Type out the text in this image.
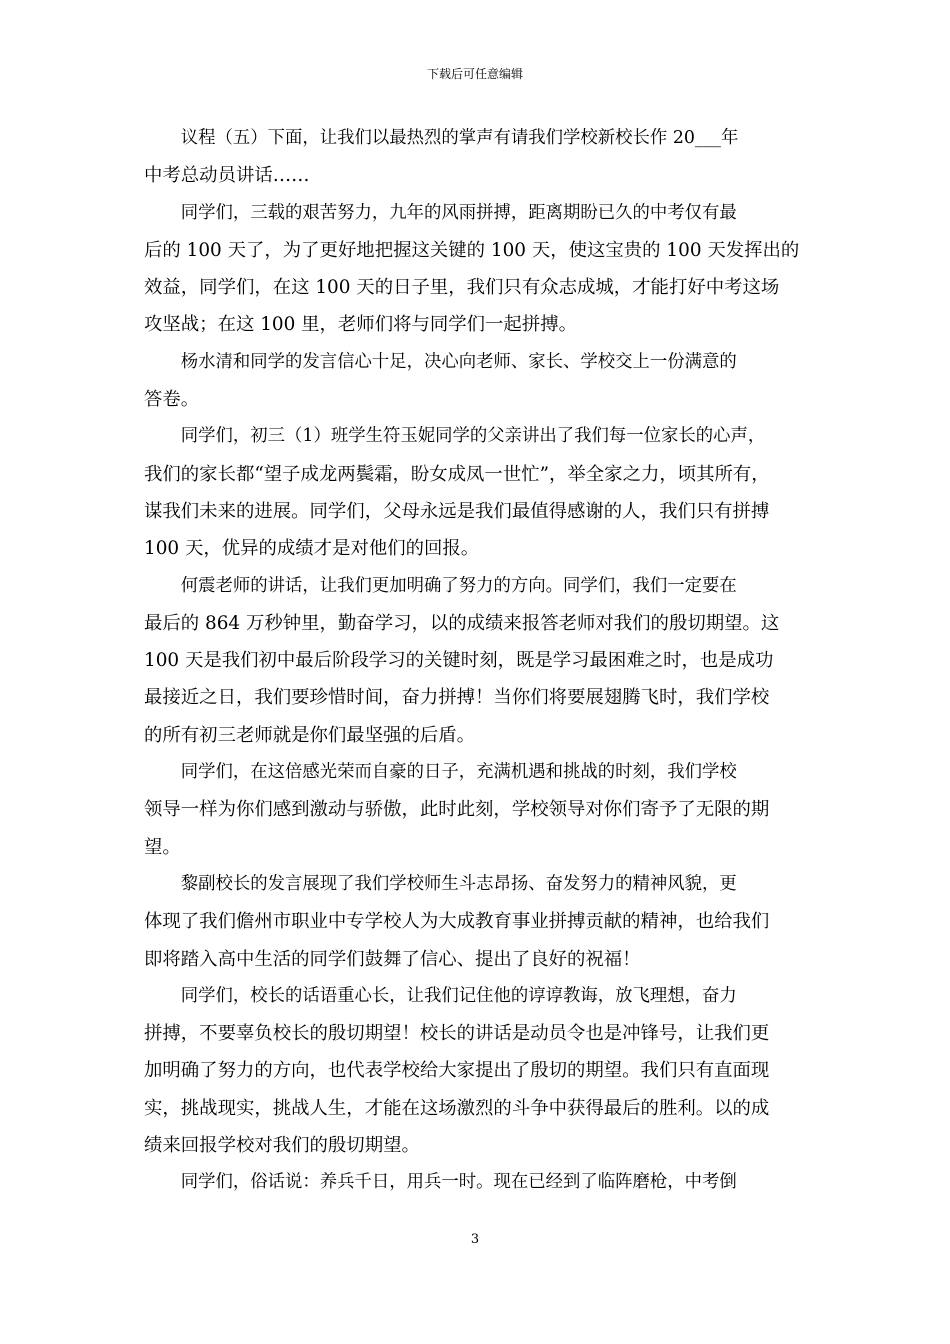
下载后可任意编辑

议程（五）下面，让我们以最热烈的掌声有请我们学校新校长作 20___年
中考总动员讲话……

同学们，三载的艰苦努力，九年的风雨拼搏，距离期盼已久的中考仅有最
后的 100 天了，为了更好地把握这关键的 100 天，使这宝贵的 100 天发挥出的
效益，同学们，在这 100 天的日子里，我们只有众志成城，才能打好中考这场
攻坚战；在这 100 里，老师们将与同学们一起拼搏。

杨水清和同学的发言信心十足，决心向老师、家长、学校交上一份满意的
答卷。

同学们，初三（1）班学生符玉妮同学的父亲讲出了我们每一位家长的心声，
我们的家长都“望子成龙两鬓霜，盼女成凤一世忙”，举全家之力，顷其所有，
谋我们未来的进展。同学们，父母永远是我们最值得感谢的人，我们只有拼搏
100 天，优异的成绩才是对他们的回报。

何震老师的讲话，让我们更加明确了努力的方向。同学们，我们一定要在
最后的 864 万秒钟里，勤奋学习，以的成绩来报答老师对我们的殷切期望。这
100 天是我们初中最后阶段学习的关键时刻，既是学习最困难之时，也是成功
最接近之日，我们要珍惜时间，奋力拼搏！当你们将要展翅腾飞时，我们学校
的所有初三老师就是你们最坚强的后盾。

同学们，在这倍感光荣而自豪的日子，充满机遇和挑战的时刻，我们学校
领导一样为你们感到激动与骄傲，此时此刻，学校领导对你们寄予了无限的期
望。

黎副校长的发言展现了我们学校师生斗志昂扬、奋发努力的精神风貌，更
体现了我们儋州市职业中专学校人为大成教育事业拼搏贡献的精神，也给我们
即将踏入高中生活的同学们鼓舞了信心、提出了良好的祝福！

同学们，校长的话语重心长，让我们记住他的谆谆教诲，放飞理想，奋力
拼搏，不要辜负校长的殷切期望！校长的讲话是动员令也是冲锋号，让我们更
加明确了努力的方向，也代表学校给大家提出了殷切的期望。我们只有直面现
实，挑战现实，挑战人生，才能在这场激烈的斗争中获得最后的胜利。以的成
绩来回报学校对我们的殷切期望。

同学们，俗话说：养兵千日，用兵一时。现在已经到了临阵磨枪，中考倒

3
